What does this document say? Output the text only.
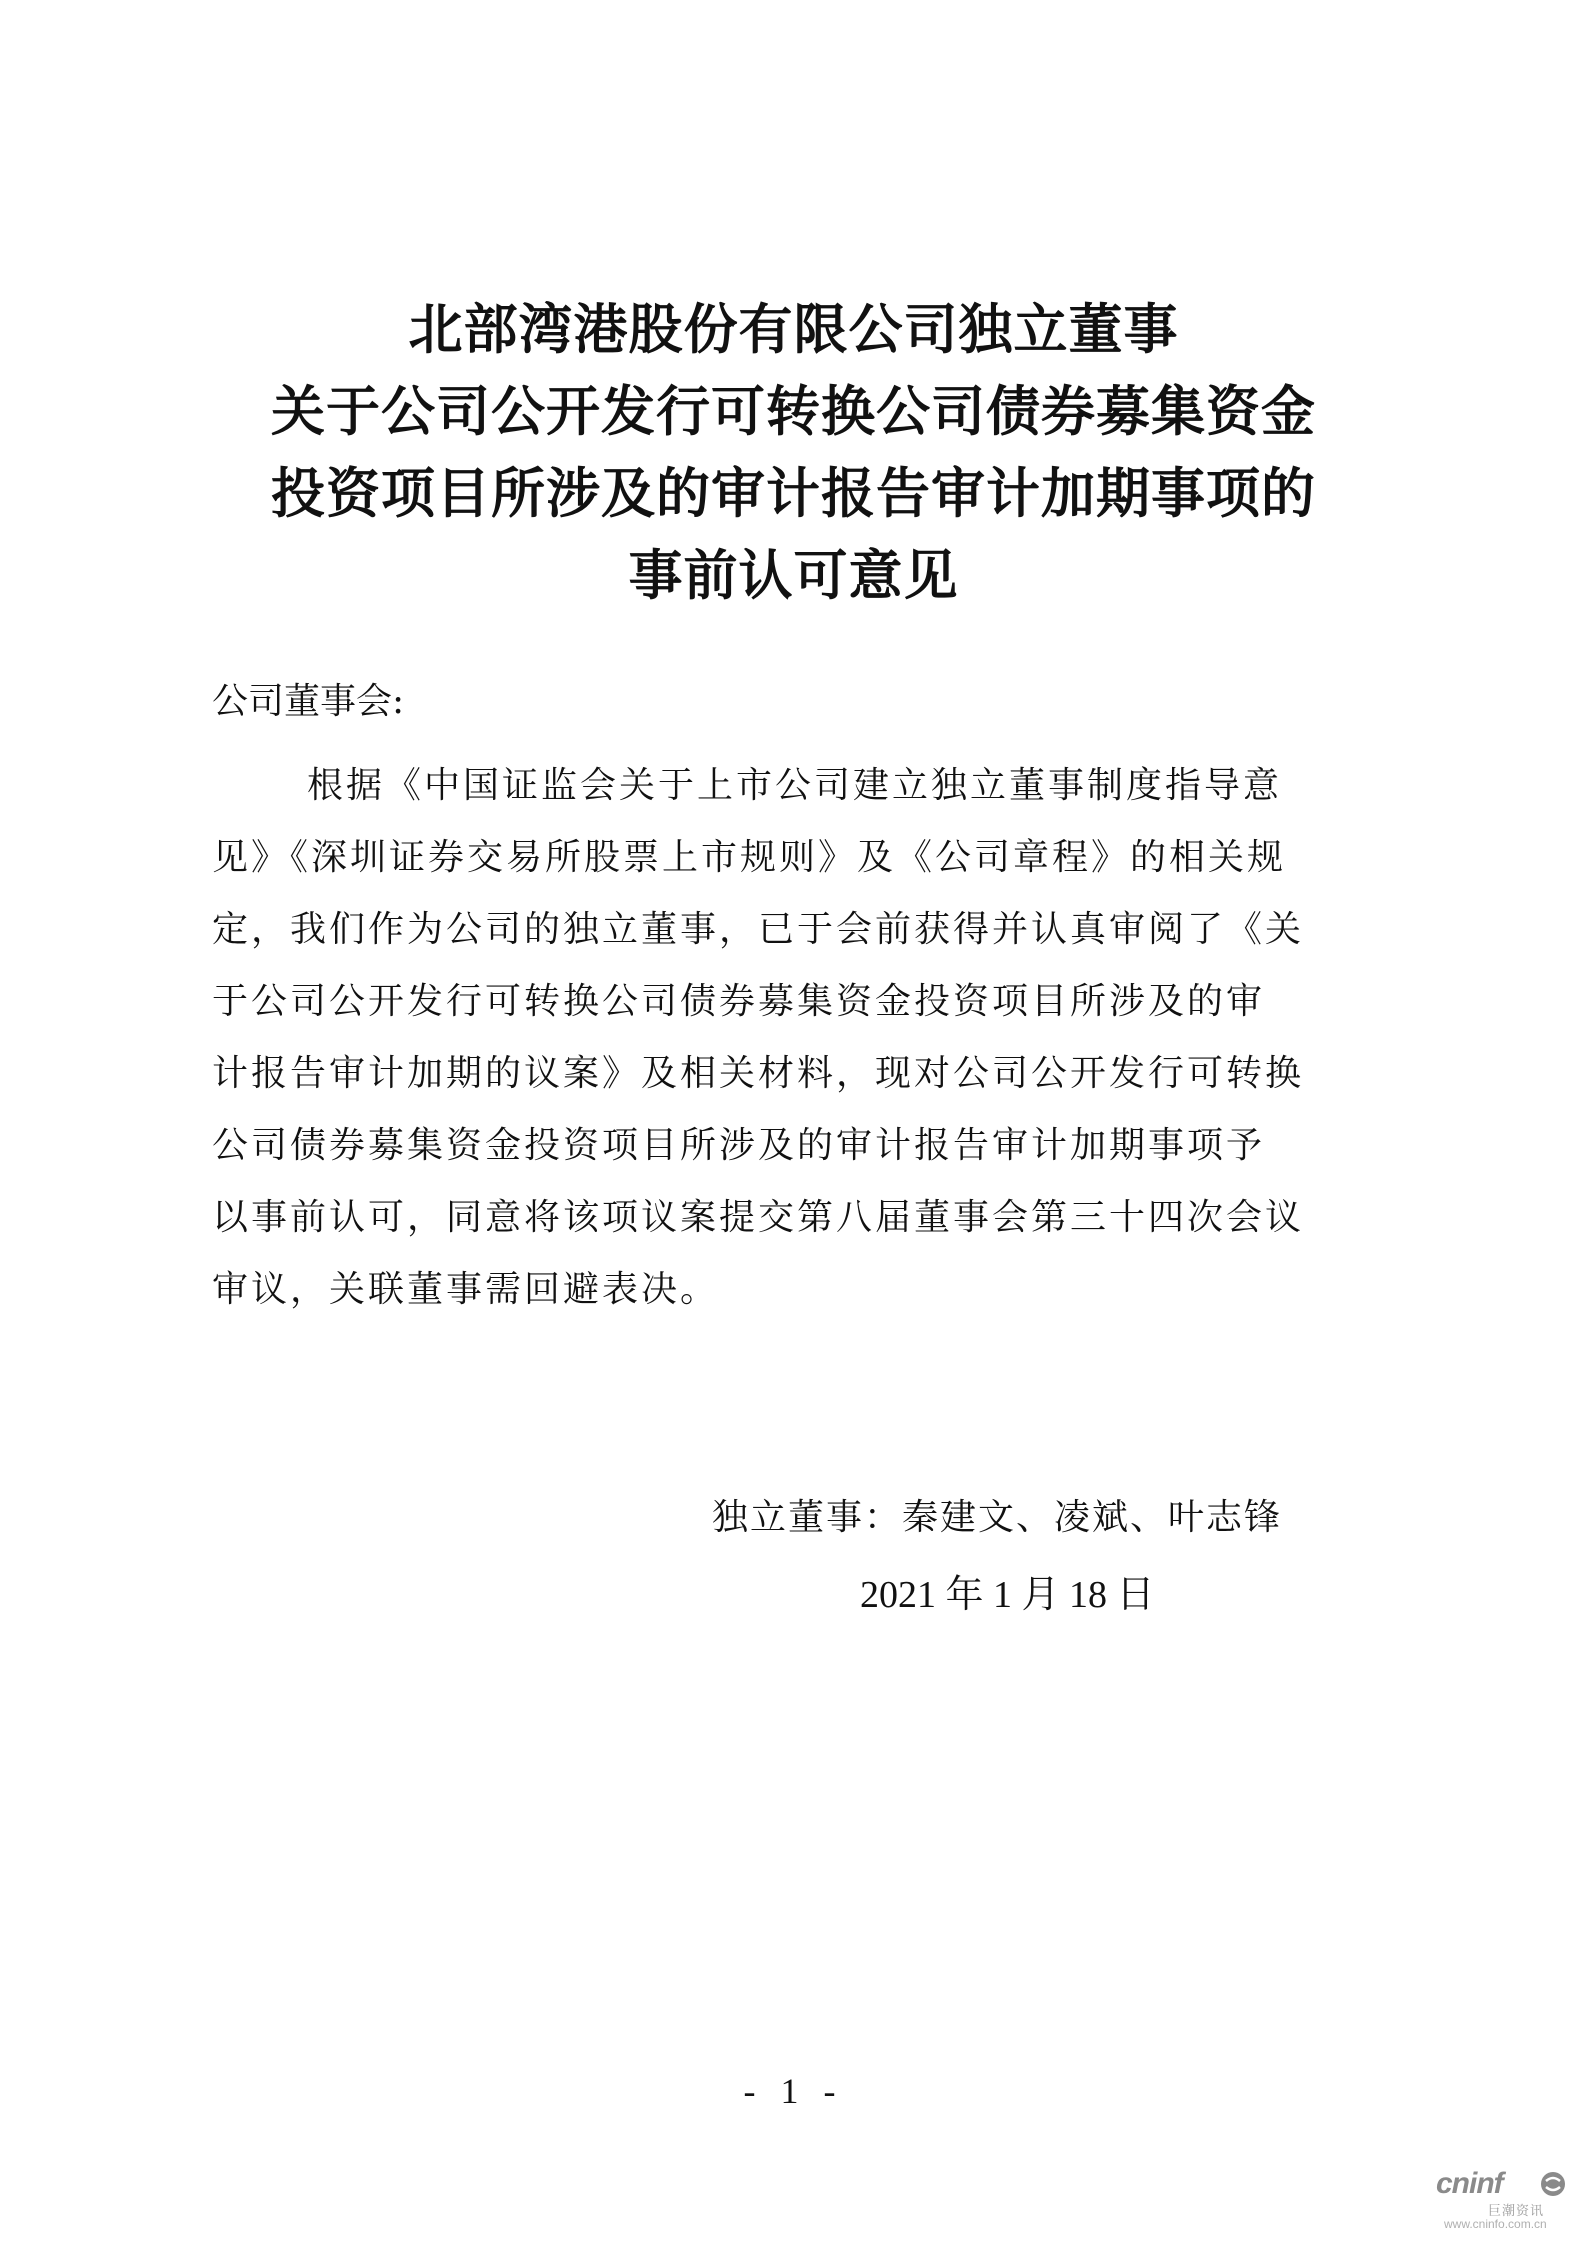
北部湾港股份有限公司独立董事
关于公司公开发行可转换公司债券募集资金
投资项目所涉及的审计报告审计加期事项的
事前认可意见
公司董事会:
根据《中国证监会关于上市公司建立独立董事制度指导意
见》《深圳证券交易所股票上市规则》及《公司章程》的相关规
定，我们作为公司的独立董事，已于会前获得并认真审阅了《关
于公司公开发行可转换公司债券募集资金投资项目所涉及的审
计报告审计加期的议案》及相关材料，现对公司公开发行可转换
公司债券募集资金投资项目所涉及的审计报告审计加期事项予
以事前认可，同意将该项议案提交第八届董事会第三十四次会议
审议，关联董事需回避表决。
独立董事：秦建文、凌斌、叶志锋
2021 年 1 月 18 日
- 1 -
cninf
巨潮资讯
www.cninfo.com.cn
